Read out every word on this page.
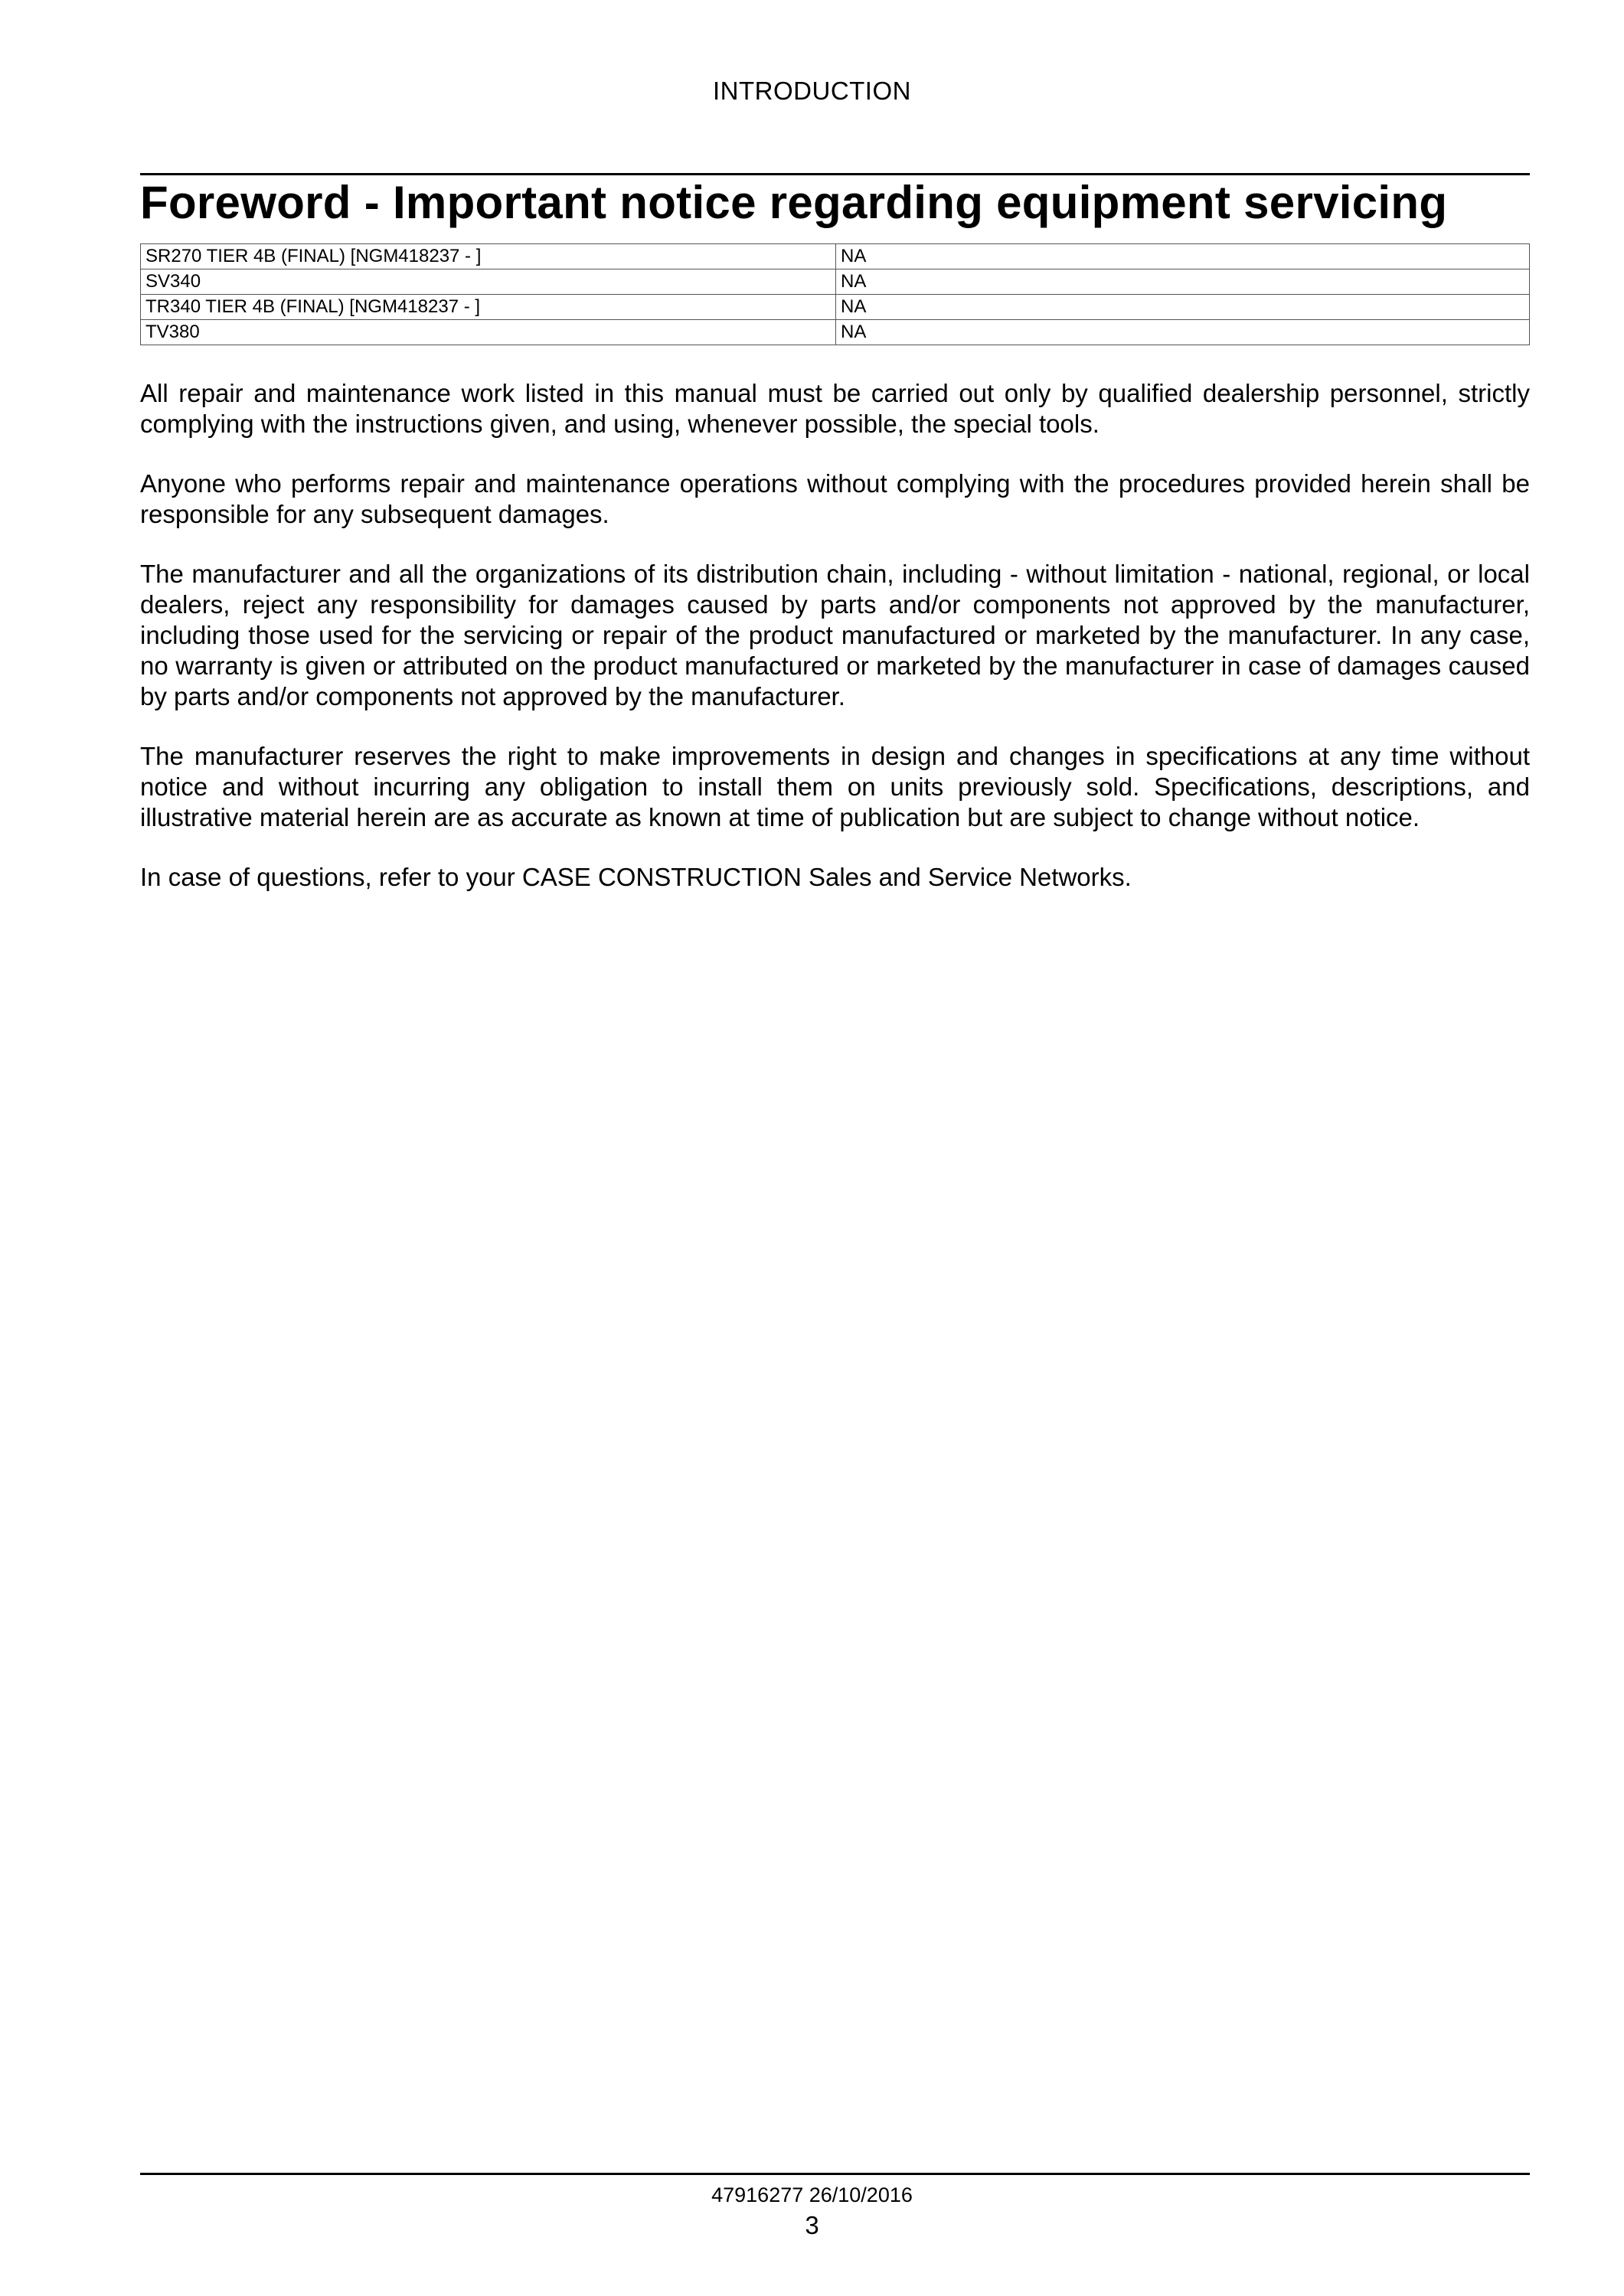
INTRODUCTION
Foreword - Important notice regarding equipment servicing
SR270 TIER 4B (FINAL) [NGM418237 - ]	NA
SV340	NA
TR340 TIER 4B (FINAL) [NGM418237 - ]	NA
TV380	NA

All repair and maintenance work listed in this manual must be carried out only by qualified dealership personnel, strictly complying with the instructions given, and using, whenever possible, the special tools.

Anyone who performs repair and maintenance operations without complying with the procedures provided herein shall be responsible for any subsequent damages.

The manufacturer and all the organizations of its distribution chain, including - without limitation - national, regional, or local dealers, reject any responsibility for damages caused by parts and/or components not approved by the manufacturer, including those used for the servicing or repair of the product manufactured or marketed by the manufacturer. In any case, no warranty is given or attributed on the product manufactured or marketed by the manufacturer in case of damages caused by parts and/or components not approved by the manufacturer.

The manufacturer reserves the right to make improvements in design and changes in specifications at any time without notice and without incurring any obligation to install them on units previously sold. Specifications, descriptions, and illustrative material herein are as accurate as known at time of publication but are subject to change without notice.

In case of questions, refer to your CASE CONSTRUCTION Sales and Service Networks.

47916277 26/10/2016
3
